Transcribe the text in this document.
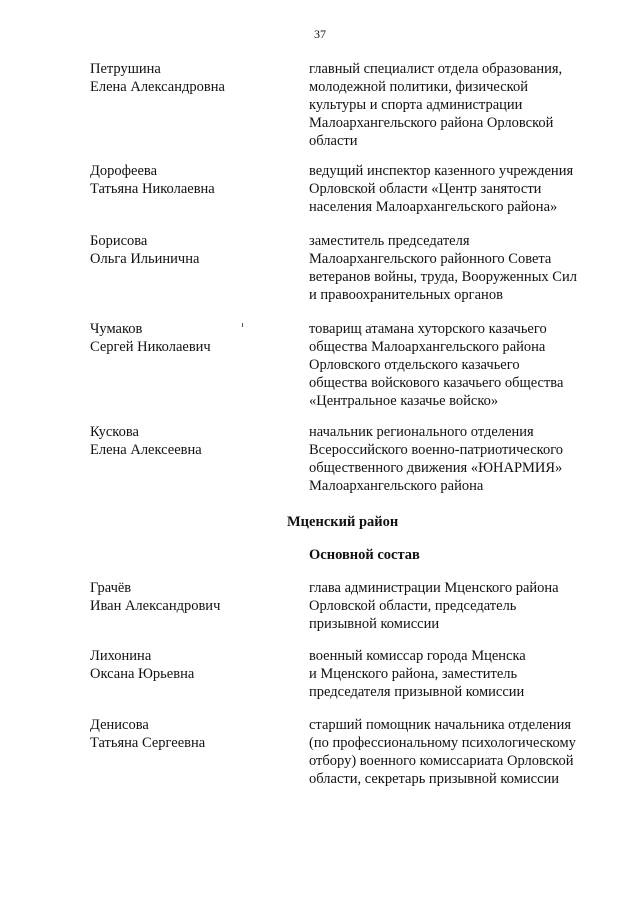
37
Петрушина
Елена Александровна
главный специалист отдела образования,
молодежной политики, физической
культуры и спорта администрации
Малоархангельского района Орловской
области
Дорофеева
Татьяна Николаевна
ведущий инспектор казенного учреждения
Орловской области «Центр занятости
населения Малоархангельского района»
Борисова
Ольга Ильинична
заместитель председателя
Малоархангельского районного Совета
ветеранов войны, труда, Вооруженных Сил
и правоохранительных органов
Чумаков
Сергей Николаевич
товарищ атамана хуторского казачьего
общества Малоархангельского района
Орловского отдельского казачьего
общества войскового казачьего общества
«Центральное казачье войско»
Кускова
Елена Алексеевна
начальник регионального отделения
Всероссийского военно-патриотического
общественного движения «ЮНАРМИЯ»
Малоархангельского района
Мценский район
Основной состав
Грачёв
Иван Александрович
глава администрации Мценского района
Орловской области, председатель
призывной комиссии
Лихонина
Оксана Юрьевна
военный комиссар города Мценска
и Мценского района, заместитель
председателя призывной комиссии
Денисова
Татьяна Сергеевна
старший помощник начальника отделения
(по профессиональному психологическому
отбору) военного комиссариата Орловской
области, секретарь призывной комиссии
